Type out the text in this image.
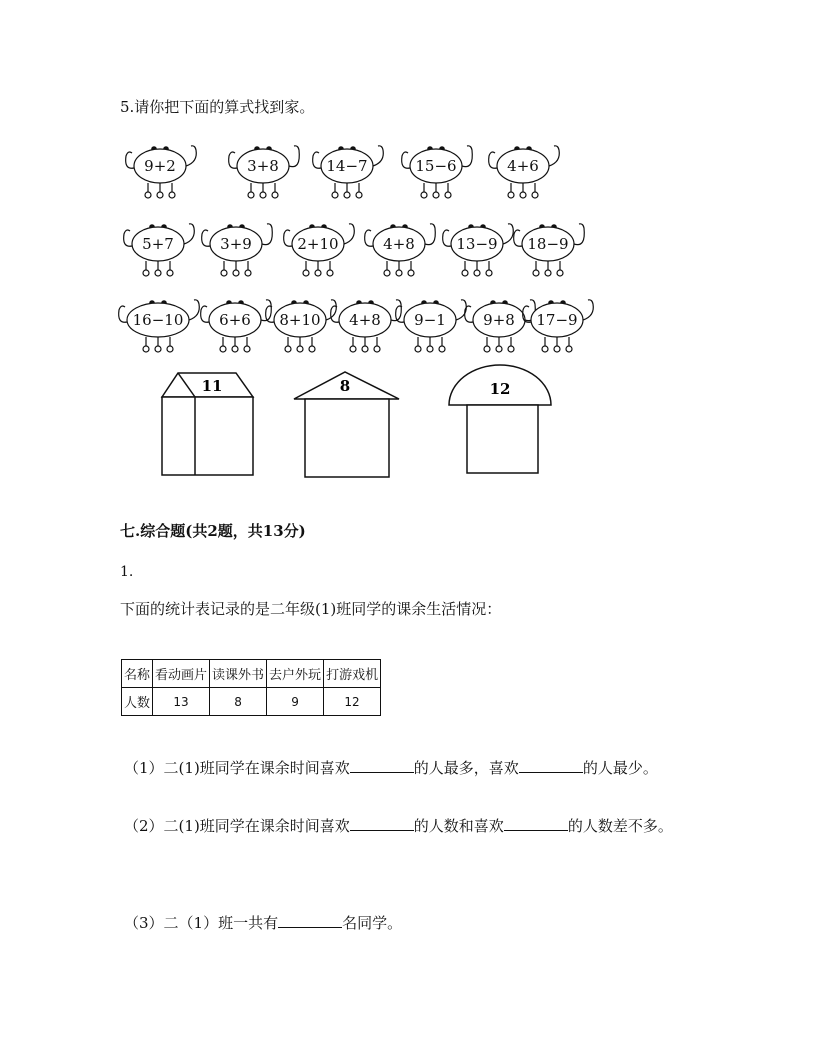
5.请你把下面的算式找到家。
9+2	3+8	14−7	15−6	4+6
5+7	3+9	2+10	4+8	13−9 18−9
16−10 6+6 8+10 4+8 9−1 9+8 17−9
11	8	12
七.综合题(共2题，共13分)
1.
下面的统计表记录的是二年级(1)班同学的课余生活情况：
名称	看动画片	读课外书	去户外玩	打游戏机
人数	13	8	9	12
（1）二(1)班同学在课余时间喜欢	的人最多，喜欢	的人最少。
（2）二(1)班同学在课余时间喜欢	的人数和喜欢	的人数差不多。
（3）二（1）班一共有	名同学。
